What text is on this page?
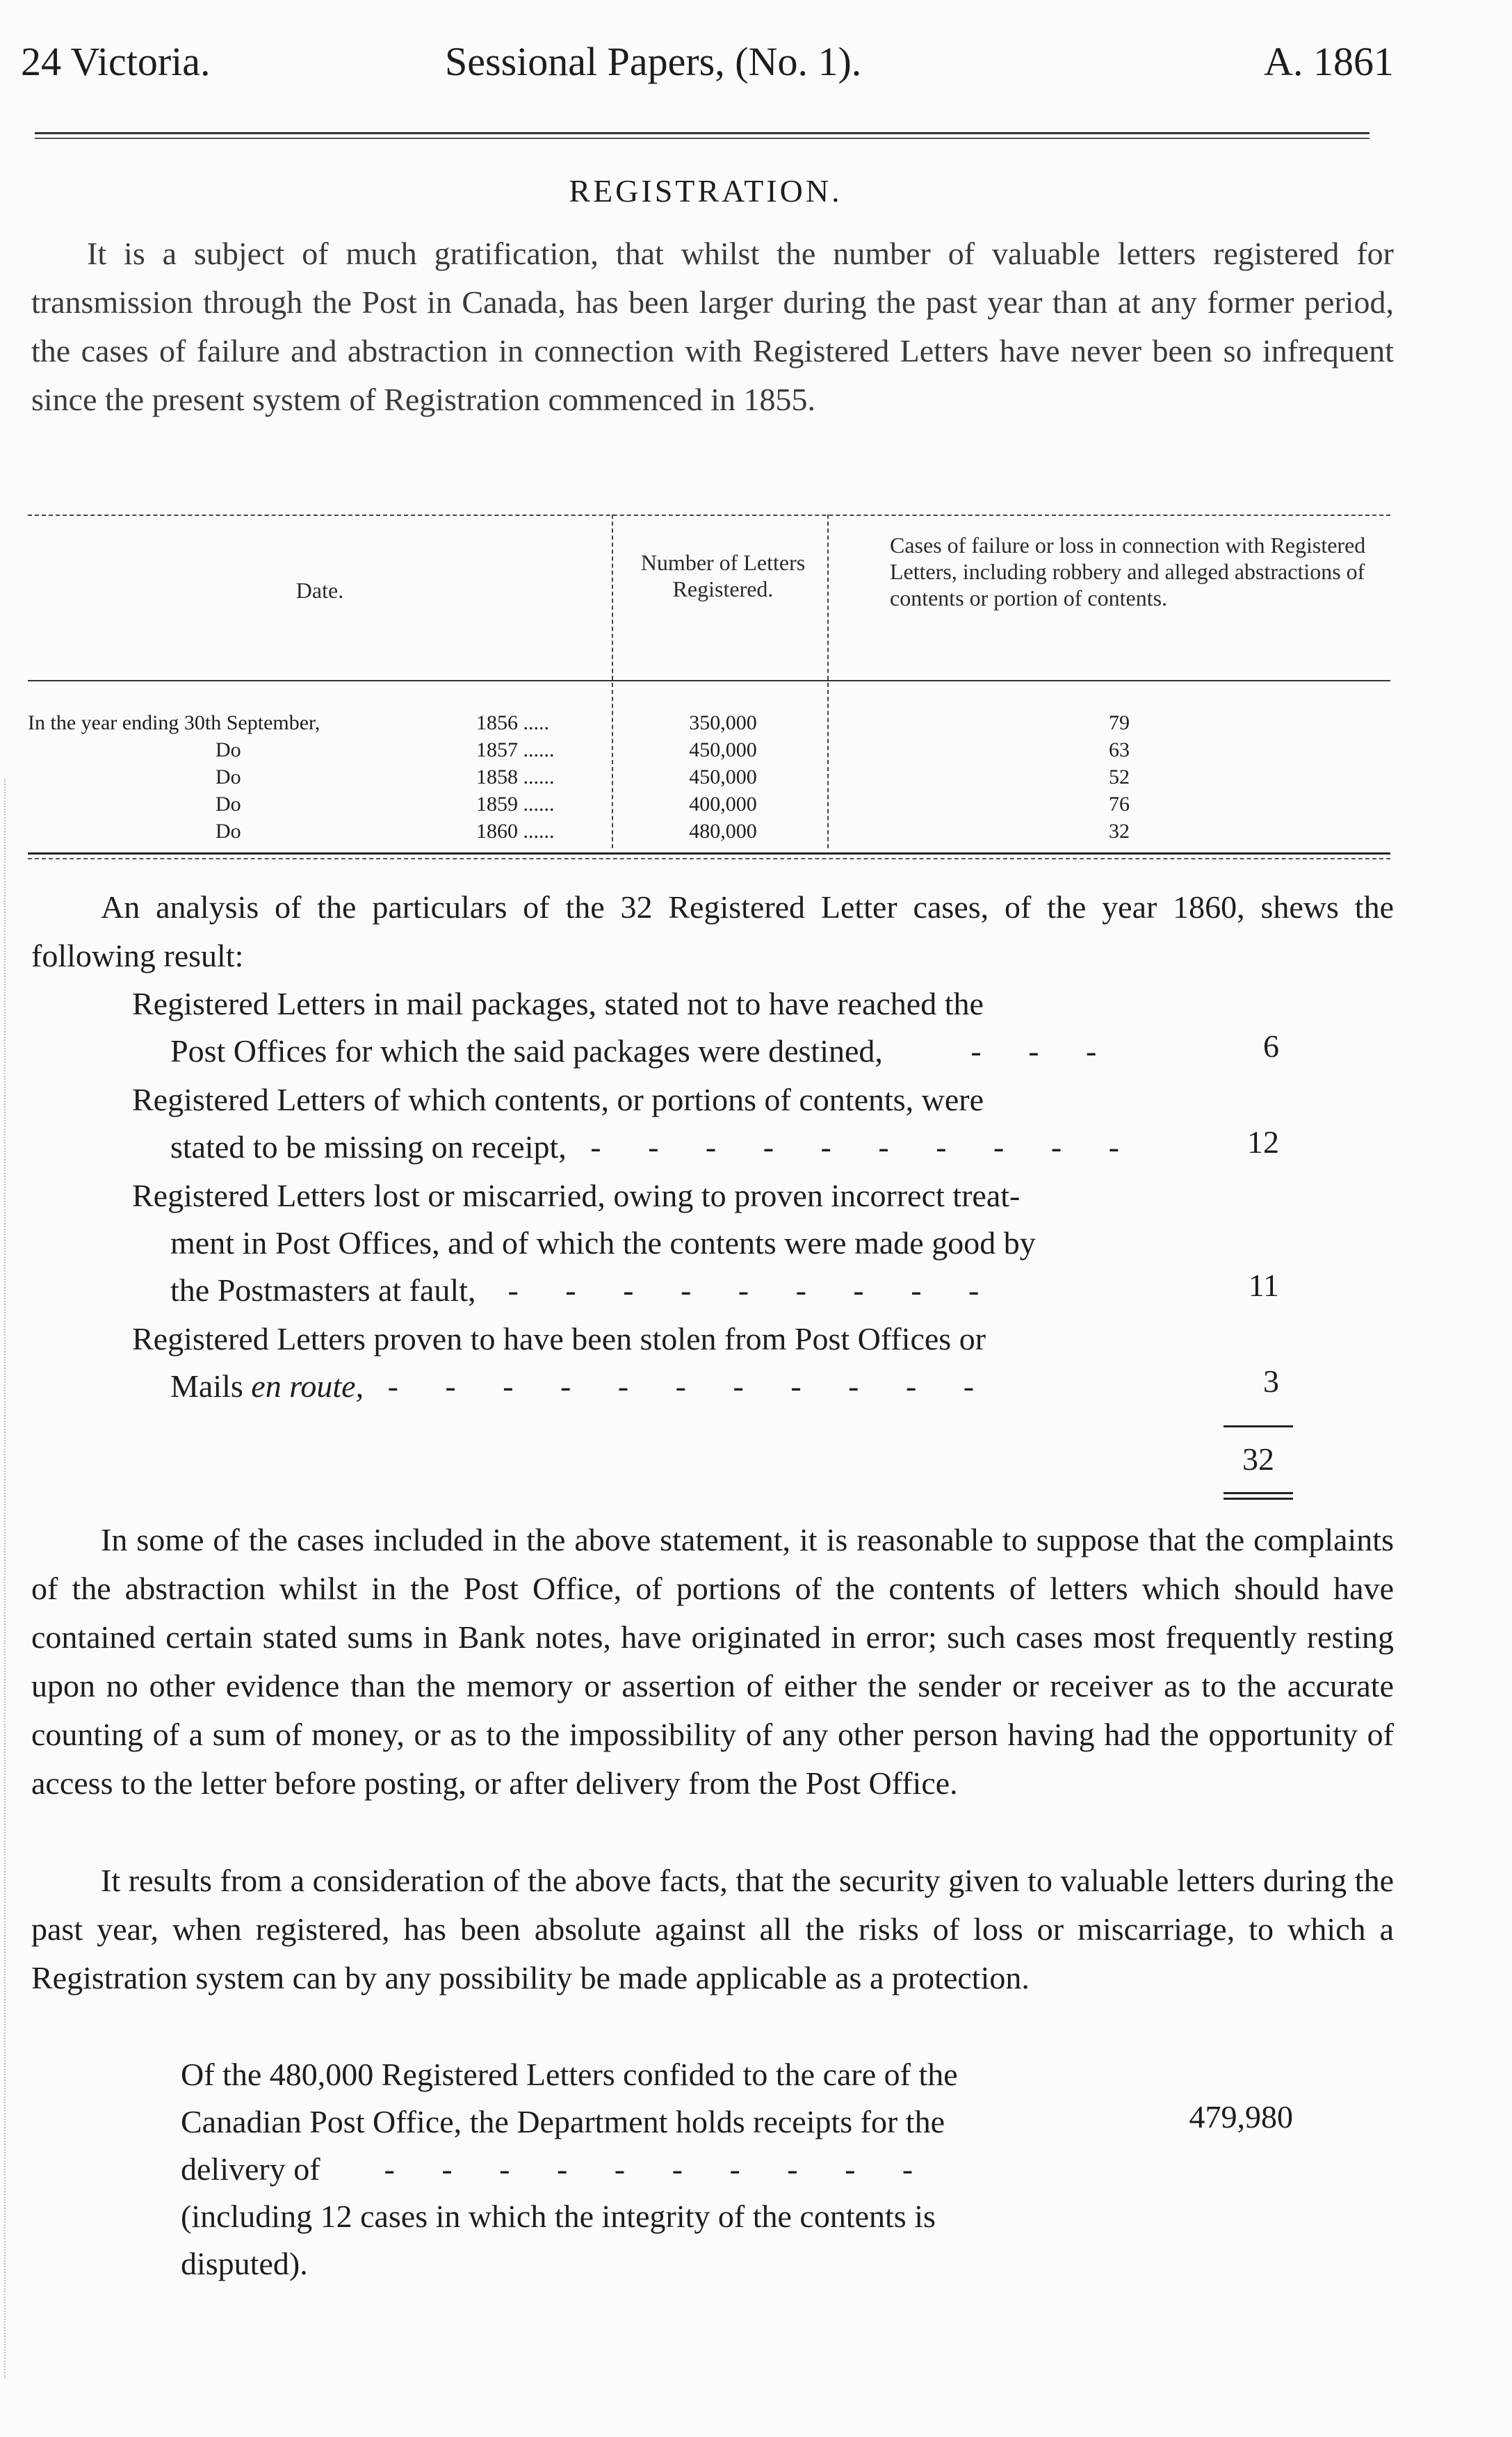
24 Victoria.	Sessional Papers, (No. 1).	A. 1861
REGISTRATION.
It is a subject of much gratification, that whilst the number of valuable letters registered for transmission through the Post in Canada, has been larger during the past year than at any former period, the cases of failure and abstraction in connection with Registered Letters have never been so infrequent since the present system of Registration commenced in 1855.
Date.
Number of Letters Registered.
Cases of failure or loss in connection with Registered Letters, including robbery and alleged abstractions of contents or portion of contents.
In the year ending 30th September,	1856 .....	350,000	79
Do	1857 ......	450,000	63
Do	1858 ......	450,000	52
Do	1859 ......	400,000	76
Do	1860 ......	480,000	32
An analysis of the particulars of the 32 Registered Letter cases, of the year 1860, shews the following result:
Registered Letters in mail packages, stated not to have reached the
Post Offices for which the said packages were destined,	- - -	6
Registered Letters of which contents, or portions of contents, were
stated to be missing on receipt, - - - - - - - - - -	12
Registered Letters lost or miscarried, owing to proven incorrect treat-
ment in Post Offices, and of which the contents were made good by
the Postmasters at fault, - - - - - - - - -	11
Registered Letters proven to have been stolen from Post Offices or
Mails en route, - - - - - - - - - - -	3
32
In some of the cases included in the above statement, it is reasonable to suppose that the complaints of the abstraction whilst in the Post Office, of portions of the contents of letters which should have contained certain stated sums in Bank notes, have originated in error; such cases most frequently resting upon no other evidence than the memory or assertion of either the sender or receiver as to the accurate counting of a sum of money, or as to the impossibility of any other person having had the opportunity of access to the letter before posting, or after delivery from the Post Office.
It results from a consideration of the above facts, that the security given to valuable letters during the past year, when registered, has been absolute against all the risks of loss or miscarriage, to which a Registration system can by any possibility be made applicable as a protection.
Of the 480,000 Registered Letters confided to the care of the
Canadian Post Office, the Department holds receipts for the
delivery of - - - - - - - - - -
(including 12 cases in which the integrity of the contents is
disputed).
479,980
